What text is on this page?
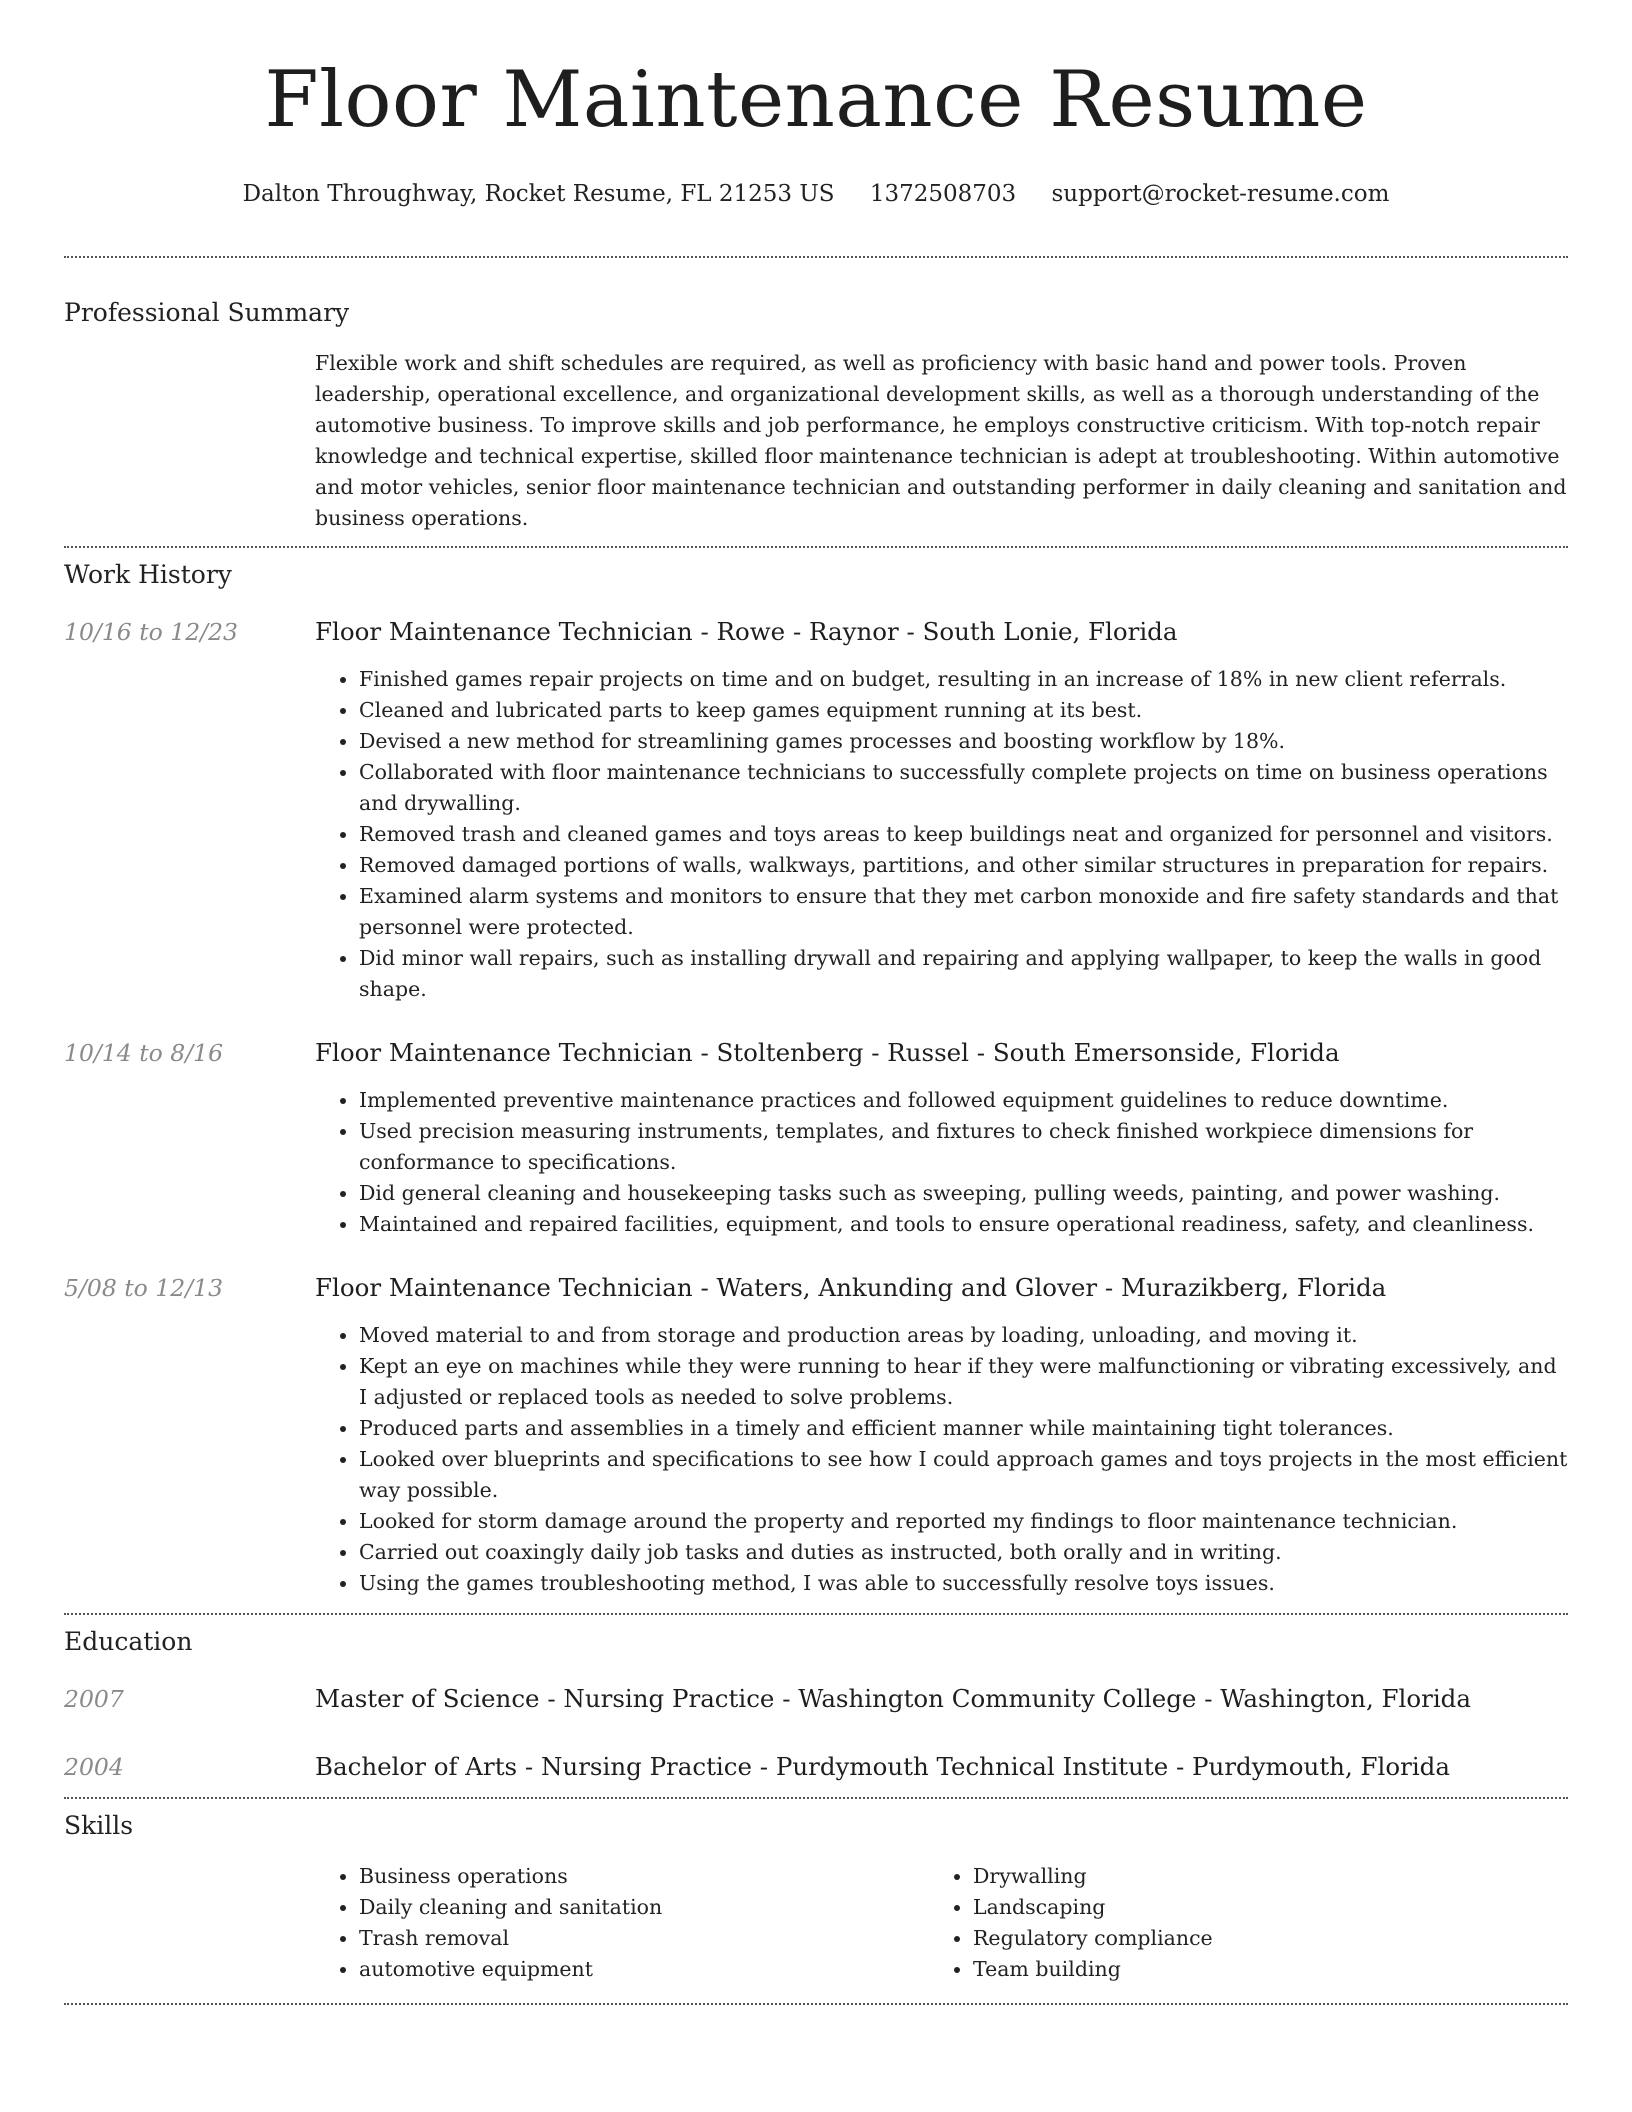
Floor Maintenance Resume
Dalton Throughway, Rocket Resume, FL 21253 US 1372508703 support@rocket-resume.com
Professional Summary
Flexible work and shift schedules are required, as well as proficiency with basic hand and power tools. Proven leadership, operational excellence, and organizational development skills, as well as a thorough understanding of the automotive business. To improve skills and job performance, he employs constructive criticism. With top-notch repair knowledge and technical expertise, skilled floor maintenance technician is adept at troubleshooting. Within automotive and motor vehicles, senior floor maintenance technician and outstanding performer in daily cleaning and sanitation and business operations.
Work History
10/16 to 12/23	Floor Maintenance Technician - Rowe - Raynor - South Lonie, Florida
• Finished games repair projects on time and on budget, resulting in an increase of 18% in new client referrals.
• Cleaned and lubricated parts to keep games equipment running at its best.
• Devised a new method for streamlining games processes and boosting workflow by 18%.
• Collaborated with floor maintenance technicians to successfully complete projects on time on business operations and drywalling.
• Removed trash and cleaned games and toys areas to keep buildings neat and organized for personnel and visitors.
• Removed damaged portions of walls, walkways, partitions, and other similar structures in preparation for repairs.
• Examined alarm systems and monitors to ensure that they met carbon monoxide and fire safety standards and that personnel were protected.
• Did minor wall repairs, such as installing drywall and repairing and applying wallpaper, to keep the walls in good shape.
10/14 to 8/16	Floor Maintenance Technician - Stoltenberg - Russel - South Emersonside, Florida
• Implemented preventive maintenance practices and followed equipment guidelines to reduce downtime.
• Used precision measuring instruments, templates, and fixtures to check finished workpiece dimensions for conformance to specifications.
• Did general cleaning and housekeeping tasks such as sweeping, pulling weeds, painting, and power washing.
• Maintained and repaired facilities, equipment, and tools to ensure operational readiness, safety, and cleanliness.
5/08 to 12/13	Floor Maintenance Technician - Waters, Ankunding and Glover - Murazikberg, Florida
• Moved material to and from storage and production areas by loading, unloading, and moving it.
• Kept an eye on machines while they were running to hear if they were malfunctioning or vibrating excessively, and I adjusted or replaced tools as needed to solve problems.
• Produced parts and assemblies in a timely and efficient manner while maintaining tight tolerances.
• Looked over blueprints and specifications to see how I could approach games and toys projects in the most efficient way possible.
• Looked for storm damage around the property and reported my findings to floor maintenance technician.
• Carried out coaxingly daily job tasks and duties as instructed, both orally and in writing.
• Using the games troubleshooting method, I was able to successfully resolve toys issues.
Education
2007	Master of Science - Nursing Practice - Washington Community College - Washington, Florida
2004	Bachelor of Arts - Nursing Practice - Purdymouth Technical Institute - Purdymouth, Florida
Skills
• Business operations
• Daily cleaning and sanitation
• Trash removal
• automotive equipment
• Drywalling
• Landscaping
• Regulatory compliance
• Team building
